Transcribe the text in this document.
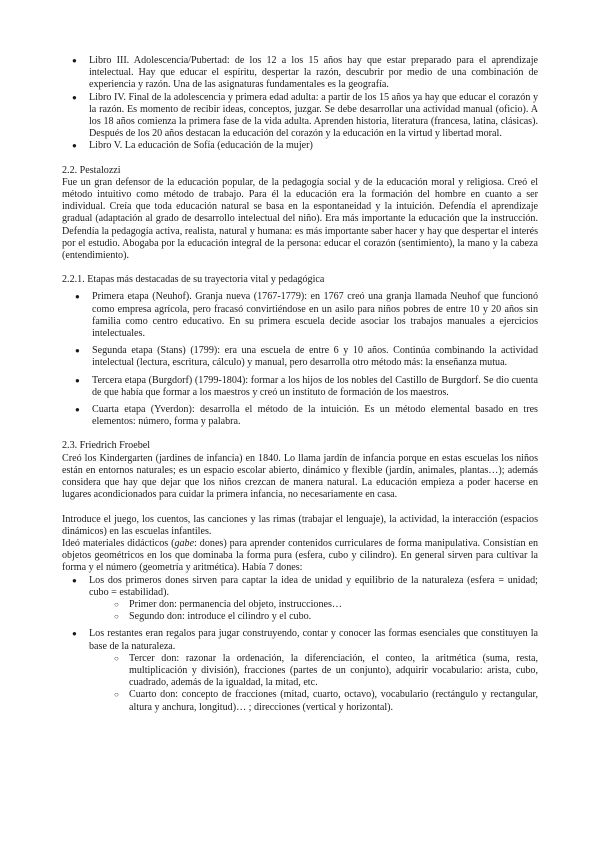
● Libro III. Adolescencia/Pubertad: de los 12 a los 15 años hay que estar preparado para el aprendizaje intelectual. Hay que educar el espíritu, despertar la razón, descubrir por medio de una combinación de experiencia y razón. Una de las asignaturas fundamentales es la geografía.
● Libro IV. Final de la adolescencia y primera edad adulta: a partir de los 15 años ya hay que educar el corazón y la razón. Es momento de recibir ideas, conceptos, juzgar. Se debe desarrollar una actividad manual (oficio). A los 18 años comienza la primera fase de la vida adulta. Aprenden historia, literatura (francesa, latina, clásicas). Después de los 20 años destacan la educación del corazón y la educación en la virtud y libertad moral.
● Libro V. La educación de Sofía (educación de la mujer)

2.2. Pestalozzi

Fue un gran defensor de la educación popular, de la pedagogía social y de la educación moral y religiosa. Creó el método intuitivo como método de trabajo. Para él la educación era la formación del hombre en cuanto a ser individual. Creía que toda educación natural se basa en la espontaneidad y la intuición. Defendía el aprendizaje gradual (adaptación al grado de desarrollo intelectual del niño). Era más importante la educación que la instrucción. Defendía la pedagogía activa, realista, natural y humana: es más importante saber hacer y hay que despertar el interés por el estudio. Abogaba por la educación integral de la persona: educar el corazón (sentimiento), la mano y la cabeza (entendimiento).

2.2.1. Etapas más destacadas de su trayectoria vital y pedagógica

● Primera etapa (Neuhof). Granja nueva (1767-1779): en 1767 creó una granja llamada Neuhof que funcionó como empresa agrícola, pero fracasó convirtiéndose en un asilo para niños pobres de entre 10 y 20 años sin familia como centro educativo. En su primera escuela decide asociar los trabajos manuales a ejercicios intelectuales.
● Segunda etapa (Stans) (1799): era una escuela de entre 6 y 10 años. Continúa combinando la actividad intelectual (lectura, escritura, cálculo) y manual, pero desarrolla otro método más: la enseñanza mutua.
● Tercera etapa (Burgdorf) (1799-1804): formar a los hijos de los nobles del Castillo de Burgdorf. Se dio cuenta de que había que formar a los maestros y creó un instituto de formación de los maestros.
● Cuarta etapa (Yverdon): desarrolla el método de la intuición. Es un método elemental basado en tres elementos: número, forma y palabra.

2.3. Friedrich Froebel

Creó los Kindergarten (jardines de infancia) en 1840. Lo llama jardín de infancia porque en estas escuelas los niños están en entornos naturales; es un espacio escolar abierto, dinámico y flexible (jardín, animales, plantas…); además considera que hay que dejar que los niños crezcan de manera natural. La educación empieza a poder hacerse en lugares acondicionados para cuidar la primera infancia, no necesariamente en casa.

Introduce el juego, los cuentos, las canciones y las rimas (trabajar el lenguaje), la actividad, la interacción (espacios dinámicos) en las escuelas infantiles.

Ideó materiales didácticos (gabe: dones) para aprender contenidos curriculares de forma manipulativa. Consistían en objetos geométricos en los que dominaba la forma pura (esfera, cubo y cilindro). En general sirven para cultivar la forma y el número (geometría y aritmética). Había 7 dones:

● Los dos primeros dones sirven para captar la idea de unidad y equilibrio de la naturaleza (esfera = unidad; cubo = estabilidad).
○ Primer don: permanencia del objeto, instrucciones…
○ Segundo don: introduce el cilindro y el cubo.
● Los restantes eran regalos para jugar construyendo, contar y conocer las formas esenciales que constituyen la base de la naturaleza.
○ Tercer don: razonar la ordenación, la diferenciación, el conteo, la aritmética (suma, resta, multiplicación y división), fracciones (partes de un conjunto), adquirir vocabulario: arista, cubo, cuadrado, además de la igualdad, la mitad, etc.
○ Cuarto don: concepto de fracciones (mitad, cuarto, octavo), vocabulario (rectángulo y rectangular, altura y anchura, longitud)… ; direcciones (vertical y horizontal).
